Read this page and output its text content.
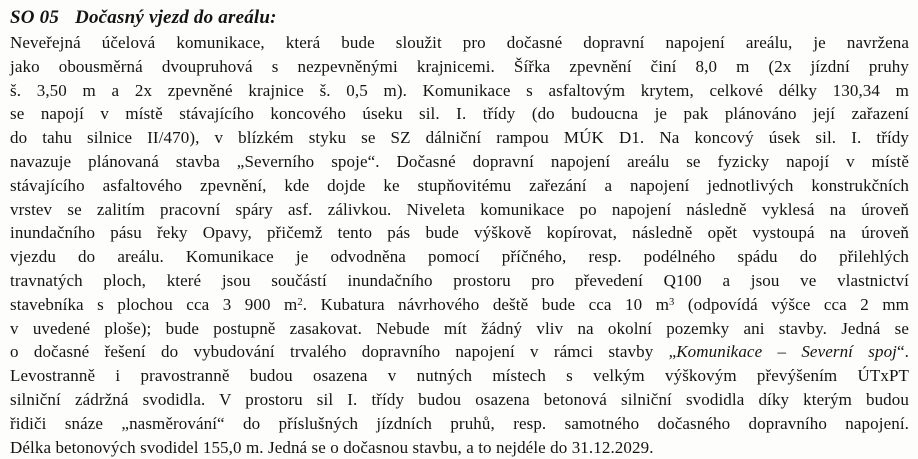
SO 05 Dočasný vjezd do areálu:
Neveřejná účelová komunikace, která bude sloužit pro dočasné dopravní napojení areálu, je navržena
jako obousměrná dvoupruhová s nezpevněnými krajnicemi. Šířka zpevnění činí 8,0 m (2x jízdní pruhy
š. 3,50 m a 2x zpevněné krajnice š. 0,5 m). Komunikace s asfaltovým krytem, celkové délky 130,34 m
se napojí v místě stávajícího koncového úseku sil. I. třídy (do budoucna je pak plánováno její zařazení
do tahu silnice II/470), v blízkém styku se SZ dálniční rampou MÚK D1. Na koncový úsek sil. I. třídy
navazuje plánovaná stavba „Severního spoje“. Dočasné dopravní napojení areálu se fyzicky napojí v místě
stávajícího asfaltového zpevnění, kde dojde ke stupňovitému zařezání a napojení jednotlivých konstrukčních
vrstev se zalitím pracovní spáry asf. zálivkou. Niveleta komunikace po napojení následně vyklesá na úroveň
inundačního pásu řeky Opavy, přičemž tento pás bude výškově kopírovat, následně opět vystoupá na úroveň
vjezdu do areálu. Komunikace je odvodněna pomocí příčného, resp. podélného spádu do přilehlých
travnatých ploch, které jsou součástí inundačního prostoru pro převedení Q100 a jsou ve vlastnictví
stavebníka s plochou cca 3 900 $m^2$. Kubatura návrhového deště bude cca 10 $m^3$ (odpovídá výšce cca 2 mm
v uvedené ploše); bude postupně zasakovat. Nebude mít žádný vliv na okolní pozemky ani stavby. Jedná se
o dočasné řešení do vybudování trvalého dopravního napojení v rámci stavby „Komunikace – Severní spoj“.
Levostranně i pravostranně budou osazena v nutných místech s velkým výškovým převýšením ÚTxPT
silniční zádržná svodidla. V prostoru sil I. třídy budou osazena betonová silniční svodidla díky kterým budou
řidiči snáze „nasměrování“ do příslušných jízdních pruhů, resp. samotného dočasného dopravního napojení.
Délka betonových svodidel 155,0 m. Jedná se o dočasnou stavbu, a to nejdéle do 31.12.2029.
